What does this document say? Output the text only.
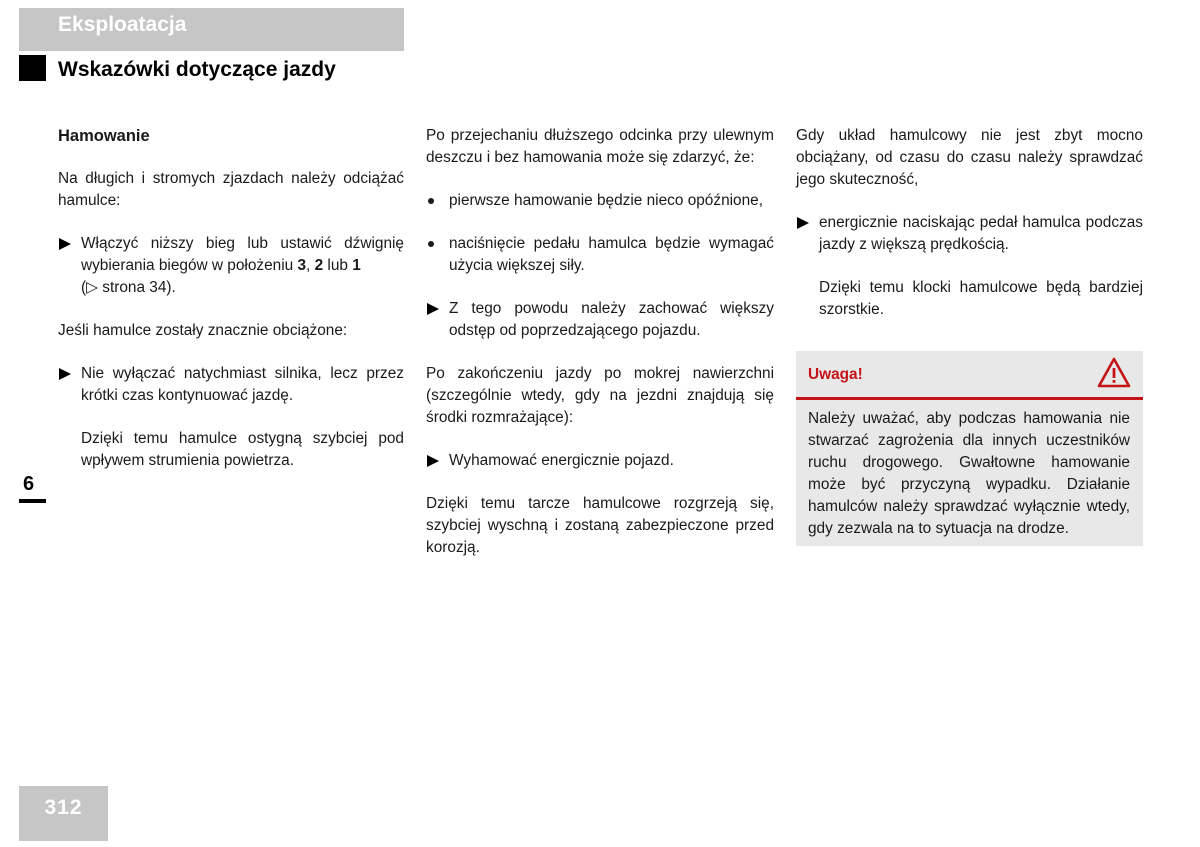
Eksploatacja
Wskazówki dotyczące jazdy
Hamowanie

Na długich i stromych zjazdach należy odciążać hamulce:

Włączyć niższy bieg lub ustawić dźwignię wybierania biegów w położeniu 3, 2 lub 1
(▷ strona 34).

Jeśli hamulce zostały znacznie obciążone:

Nie wyłączać natychmiast silnika, lecz przez krótki czas kontynuować jazdę.
Dzięki temu hamulce ostygną szybciej pod wpływem strumienia powietrza.

Po przejechaniu dłuższego odcinka przy ulewnym deszczu i bez hamowania może się zdarzyć, że:

pierwsze hamowanie będzie nieco opóźnione,
naciśnięcie pedału hamulca będzie wymagać użycia większej siły.
Z tego powodu należy zachować większy odstęp od poprzedzającego pojazdu.

Po zakończeniu jazdy po mokrej nawierzchni (szczególnie wtedy, gdy na jezdni znajdują się środki rozmrażające):

Wyhamować energicznie pojazd.

Dzięki temu tarcze hamulcowe rozgrzeją się, szybciej wyschną i zostaną zabezpieczone przed korozją.

Gdy układ hamulcowy nie jest zbyt mocno obciążany, od czasu do czasu należy sprawdzać jego skuteczność,

energicznie naciskając pedał hamulca podczas jazdy z większą prędkością.
Dzięki temu klocki hamulcowe będą bardziej szorstkie.
Uwaga!
Należy uważać, aby podczas hamowania nie stwarzać zagrożenia dla innych uczestników ruchu drogowego. Gwałtowne hamowanie może być przyczyną wypadku. Działanie hamulców należy sprawdzać wyłącznie wtedy, gdy zezwala na to sytuacja na drodze.
6
312
